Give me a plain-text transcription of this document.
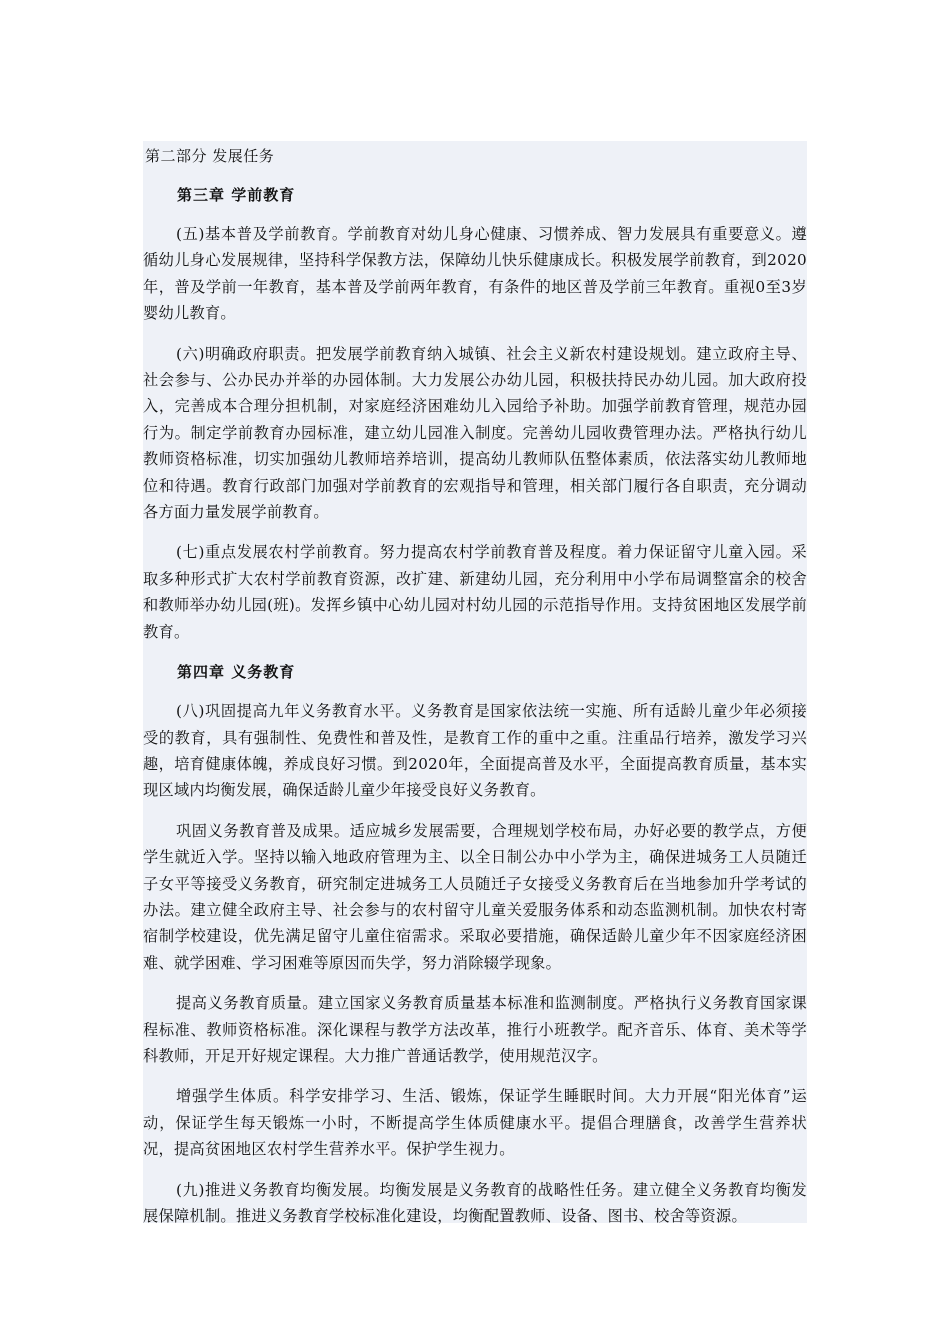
第二部分 发展任务
第三章 学前教育

(五)基本普及学前教育。学前教育对幼儿身心健康、习惯养成、智力发展具有重要意义。遵循幼儿身心发展规律，坚持科学保教方法，保障幼儿快乐健康成长。积极发展学前教育，到2020年，普及学前一年教育，基本普及学前两年教育，有条件的地区普及学前三年教育。重视0至3岁婴幼儿教育。

(六)明确政府职责。把发展学前教育纳入城镇、社会主义新农村建设规划。建立政府主导、社会参与、公办民办并举的办园体制。大力发展公办幼儿园，积极扶持民办幼儿园。加大政府投入，完善成本合理分担机制，对家庭经济困难幼儿入园给予补助。加强学前教育管理，规范办园行为。制定学前教育办园标准，建立幼儿园准入制度。完善幼儿园收费管理办法。严格执行幼儿教师资格标准，切实加强幼儿教师培养培训，提高幼儿教师队伍整体素质，依法落实幼儿教师地位和待遇。教育行政部门加强对学前教育的宏观指导和管理，相关部门履行各自职责，充分调动各方面力量发展学前教育。

(七)重点发展农村学前教育。努力提高农村学前教育普及程度。着力保证留守儿童入园。采取多种形式扩大农村学前教育资源，改扩建、新建幼儿园，充分利用中小学布局调整富余的校舍和教师举办幼儿园(班)。发挥乡镇中心幼儿园对村幼儿园的示范指导作用。支持贫困地区发展学前教育。

第四章 义务教育

(八)巩固提高九年义务教育水平。义务教育是国家依法统一实施、所有适龄儿童少年必须接受的教育，具有强制性、免费性和普及性，是教育工作的重中之重。注重品行培养，激发学习兴趣，培育健康体魄，养成良好习惯。到2020年，全面提高普及水平，全面提高教育质量，基本实现区域内均衡发展，确保适龄儿童少年接受良好义务教育。

巩固义务教育普及成果。适应城乡发展需要，合理规划学校布局，办好必要的教学点，方便学生就近入学。坚持以输入地政府管理为主、以全日制公办中小学为主，确保进城务工人员随迁子女平等接受义务教育，研究制定进城务工人员随迁子女接受义务教育后在当地参加升学考试的办法。建立健全政府主导、社会参与的农村留守儿童关爱服务体系和动态监测机制。加快农村寄宿制学校建设，优先满足留守儿童住宿需求。采取必要措施，确保适龄儿童少年不因家庭经济困难、就学困难、学习困难等原因而失学，努力消除辍学现象。

提高义务教育质量。建立国家义务教育质量基本标准和监测制度。严格执行义务教育国家课程标准、教师资格标准。深化课程与教学方法改革，推行小班教学。配齐音乐、体育、美术等学科教师，开足开好规定课程。大力推广普通话教学，使用规范汉字。

增强学生体质。科学安排学习、生活、锻炼，保证学生睡眠时间。大力开展“阳光体育”运动，保证学生每天锻炼一小时，不断提高学生体质健康水平。提倡合理膳食，改善学生营养状况，提高贫困地区农村学生营养水平。保护学生视力。

(九)推进义务教育均衡发展。均衡发展是义务教育的战略性任务。建立健全义务教育均衡发展保障机制。推进义务教育学校标准化建设，均衡配置教师、设备、图书、校舍等资源。
